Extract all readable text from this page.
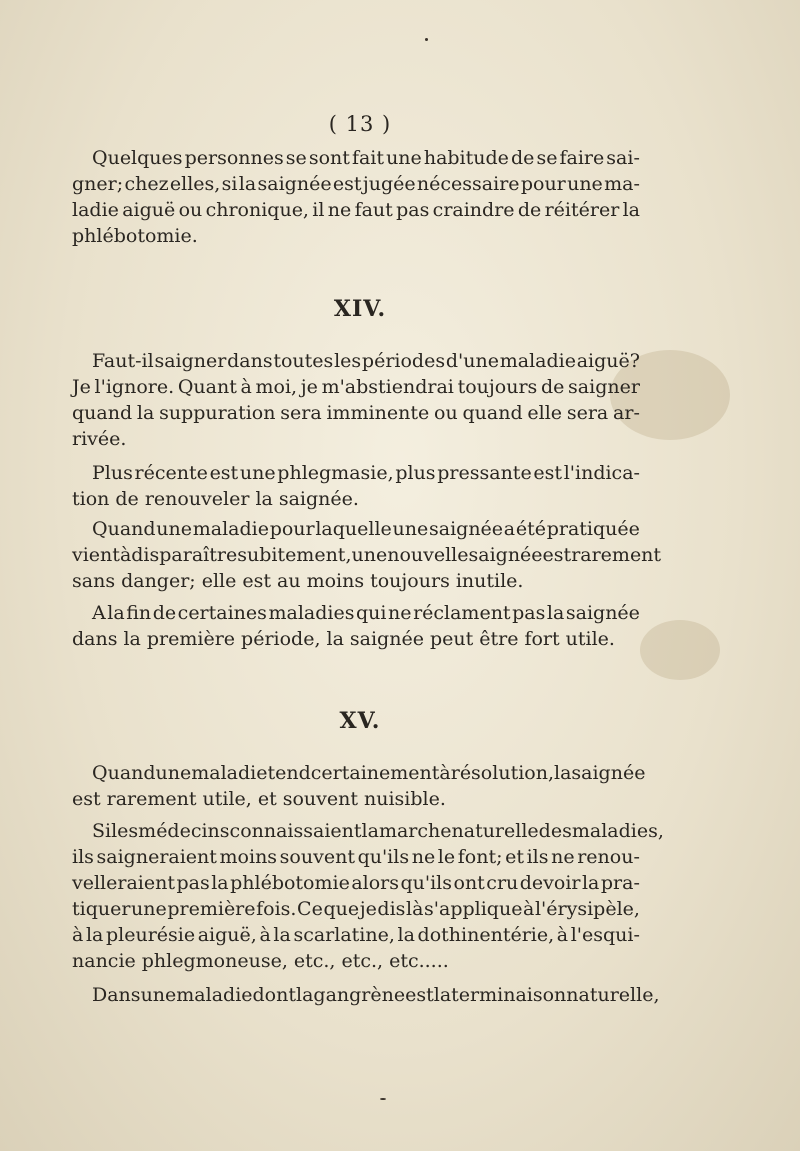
( 13 )
Quelques personnes se sont fait une habitude de se faire sai-
gner; chez elles, si la saignée est jugée nécessaire pour une ma-
ladie aiguë ou chronique, il ne faut pas craindre de réitérer la
phlébotomie.
XIV.
Faut-il saigner dans toutes les périodes d'une maladie aiguë?
Je l'ignore. Quant à moi, je m'abstiendrai toujours de saigner
quand la suppuration sera imminente ou quand elle sera ar-
rivée.
Plus récente est une phlegmasie, plus pressante est l'indica-
tion de renouveler la saignée.
Quand une maladie pour laquelle une saignée a été pratiquée
vient à disparaître subitement, une nouvelle saignée est rarement
sans danger; elle est au moins toujours inutile.
A la fin de certaines maladies qui ne réclament pas la saignée
dans la première période, la saignée peut être fort utile.
XV.
Quand une maladie tend certainement à résolution, la saignée
est rarement utile, et souvent nuisible.
Si les médecins connaissaient la marche naturelle des maladies,
ils saigneraient moins souvent qu'ils ne le font; et ils ne renou-
velleraient pas la phlébotomie alors qu'ils ont cru devoir la pra-
tiquer une première fois. Ce que je dis là s'applique à l'érysipèle,
à la pleurésie aiguë, à la scarlatine, la dothinentérie, à l'esqui-
nancie phlegmoneuse, etc., etc., etc.....
Dans une maladie dont la gangrène est la terminaison naturelle,
